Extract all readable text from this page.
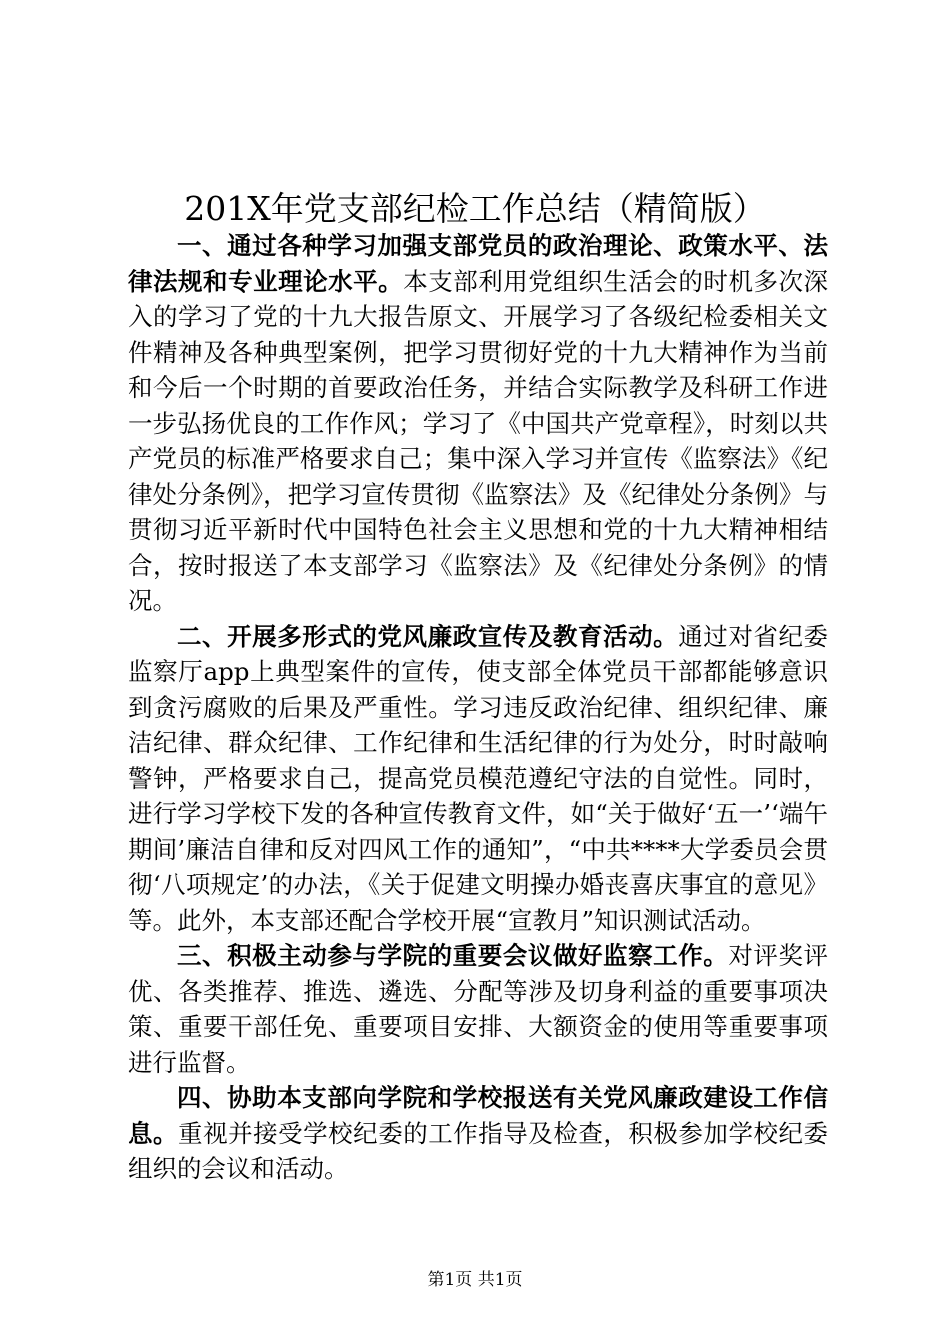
201X年党支部纪检工作总结（精简版）

一、通过各种学习加强支部党员的政治理论、政策水平、法律法规和专业理论水平。本支部利用党组织生活会的时机多次深入的学习了党的十九大报告原文、开展学习了各级纪检委相关文件精神及各种典型案例，把学习贯彻好党的十九大精神作为当前和今后一个时期的首要政治任务，并结合实际教学及科研工作进一步弘扬优良的工作作风；学习了《中国共产党章程》，时刻以共产党员的标准严格要求自己；集中深入学习并宣传《监察法》《纪律处分条例》，把学习宣传贯彻《监察法》及《纪律处分条例》与贯彻习近平新时代中国特色社会主义思想和党的十九大精神相结合，按时报送了本支部学习《监察法》及《纪律处分条例》的情况。

二、开展多形式的党风廉政宣传及教育活动。通过对省纪委监察厅app上典型案件的宣传，使支部全体党员干部都能够意识到贪污腐败的后果及严重性。学习违反政治纪律、组织纪律、廉洁纪律、群众纪律、工作纪律和生活纪律的行为处分，时时敲响警钟，严格要求自己，提高党员模范遵纪守法的自觉性。同时，进行学习学校下发的各种宣传教育文件，如“关于做好‘五一’‘端午期间’廉洁自律和反对四风工作的通知”，“中共****大学委员会贯彻‘八项规定’的办法，《关于促建文明操办婚丧喜庆事宜的意见》等。此外，本支部还配合学校开展“宣教月”知识测试活动。

三、积极主动参与学院的重要会议做好监察工作。对评奖评优、各类推荐、推选、遴选、分配等涉及切身利益的重要事项决策、重要干部任免、重要项目安排、大额资金的使用等重要事项进行监督。

四、协助本支部向学院和学校报送有关党风廉政建设工作信息。重视并接受学校纪委的工作指导及检查，积极参加学校纪委组织的会议和活动。

第1页 共1页
